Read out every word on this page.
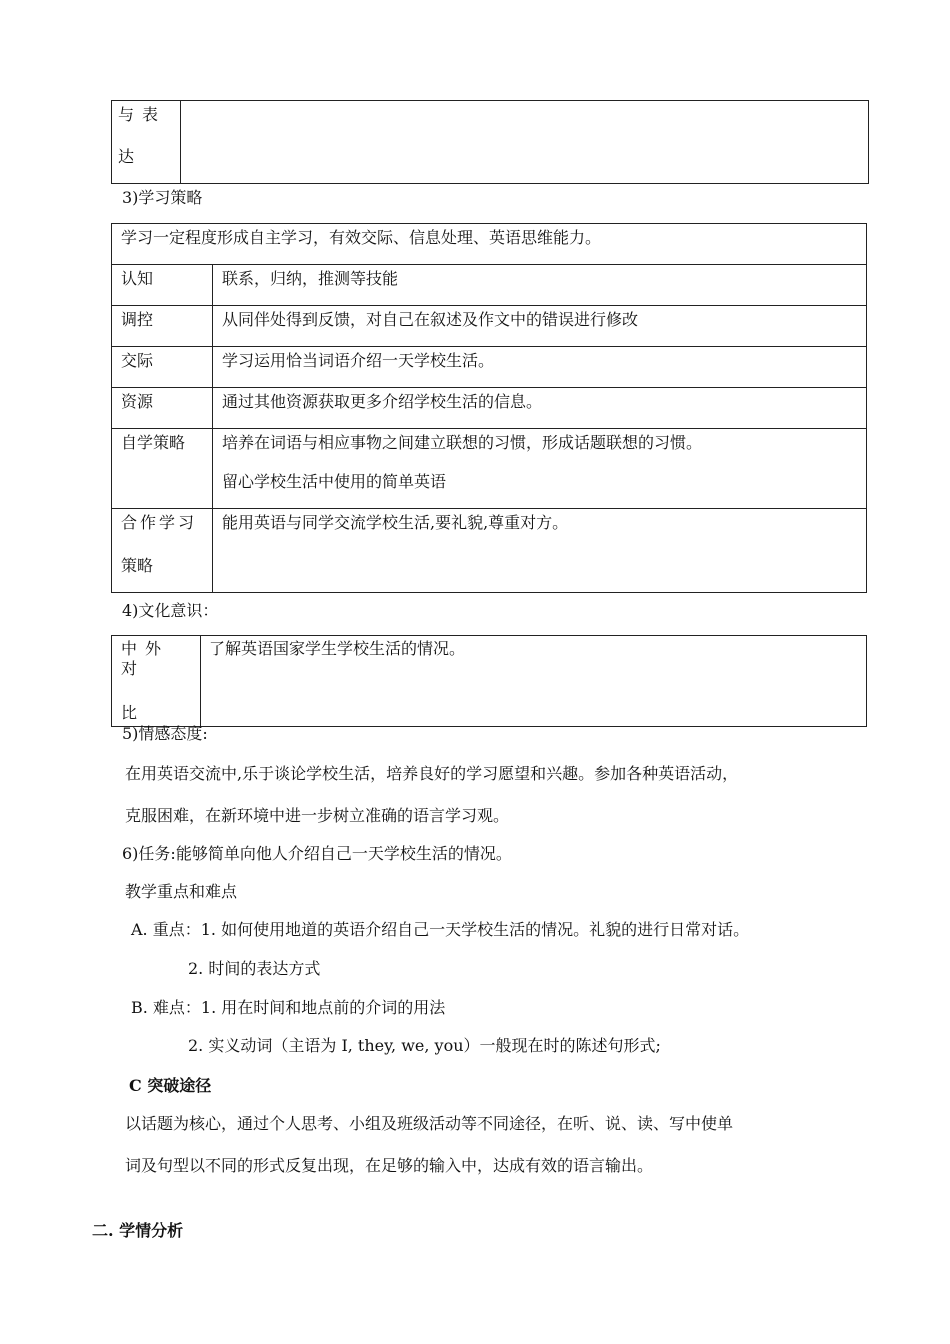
与表
达

3)学习策略
学习一定程度形成自主学习，有效交际、信息处理、英语思维能力。	
认知	联系，归纳，推测等技能
调控	从同伴处得到反馈，对自己在叙述及作文中的错误进行修改
交际	学习运用恰当词语介绍一天学校生活。
资源	通过其他资源获取更多介绍学校生活的信息。
自学策略	培养在词语与相应事物之间建立联想的习惯，形成话题联想的习惯。
留心学校生活中使用的简单英语

合作学习
策略	能用英语与同学交流学校生活,要礼貌,尊重对方。
4)文化意识：
中外对
比
	了解英语国家学生学校生活的情况。
5)情感态度:
在用英语交流中,乐于谈论学校生活，培养良好的学习愿望和兴趣。参加各种英语活动，
克服困难，在新环境中进一步树立准确的语言学习观。
6)任务:能够简单向他人介绍自己一天学校生活的情况。
教学重点和难点
A. 重点：1. 如何使用地道的英语介绍自己一天学校生活的情况。礼貌的进行日常对话。
2. 时间的表达方式
B. 难点：1. 用在时间和地点前的介词的用法
2. 实义动词（主语为 I, they, we, you）一般现在时的陈述句形式;
C 突破途径
以话题为核心，通过个人思考、小组及班级活动等不同途径，在听、说、读、写中使单
词及句型以不同的形式反复出现，在足够的输入中，达成有效的语言输出。
二. 学情分析
